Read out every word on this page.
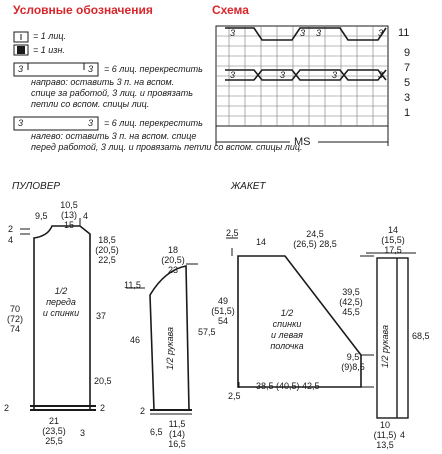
Условные обозначения
= 1 лиц.
= 1 изн.
3	3 = 6 лиц. перекрестить
направо: оставить 3 п. на вспом.
спице за работой, 3 лиц. и провязать
петли со вспом. спицы лиц.
3	3 = 6 лиц. перекрестить
налево: оставить 3 п. на вспом. спице
перед работой, 3 лиц. и провязать петли со вспом. спицы лиц.
Схема
3	3 3	3
3	3	3	3
11
9
7
5
3
1
MS
ПУЛОВЕР
9,5
10,5
(13)
15
4
2
4	18,5
(20,5)
22,5
1/2
переда
и спинки	37
70
(72)
74
20,5
2	2
21
(23,5)
25,5
3
18
(20,5)
23
11,5
46
57,5
1/2 рукава
2
6,5
11,5
(14)
16,5
ЖАКЕТ
2,5
14
24,5
(26,5) 28,5
49
(51,5)
54
1/2
спинки
и левая
полочка
39,5
(42,5)
45,5
9,5
(9)8,5
2,5
38,5 (40,5) 42,5
14
(15,5)
17,5
1/2 рукава 68,5
10
(11,5)
13,5
4
